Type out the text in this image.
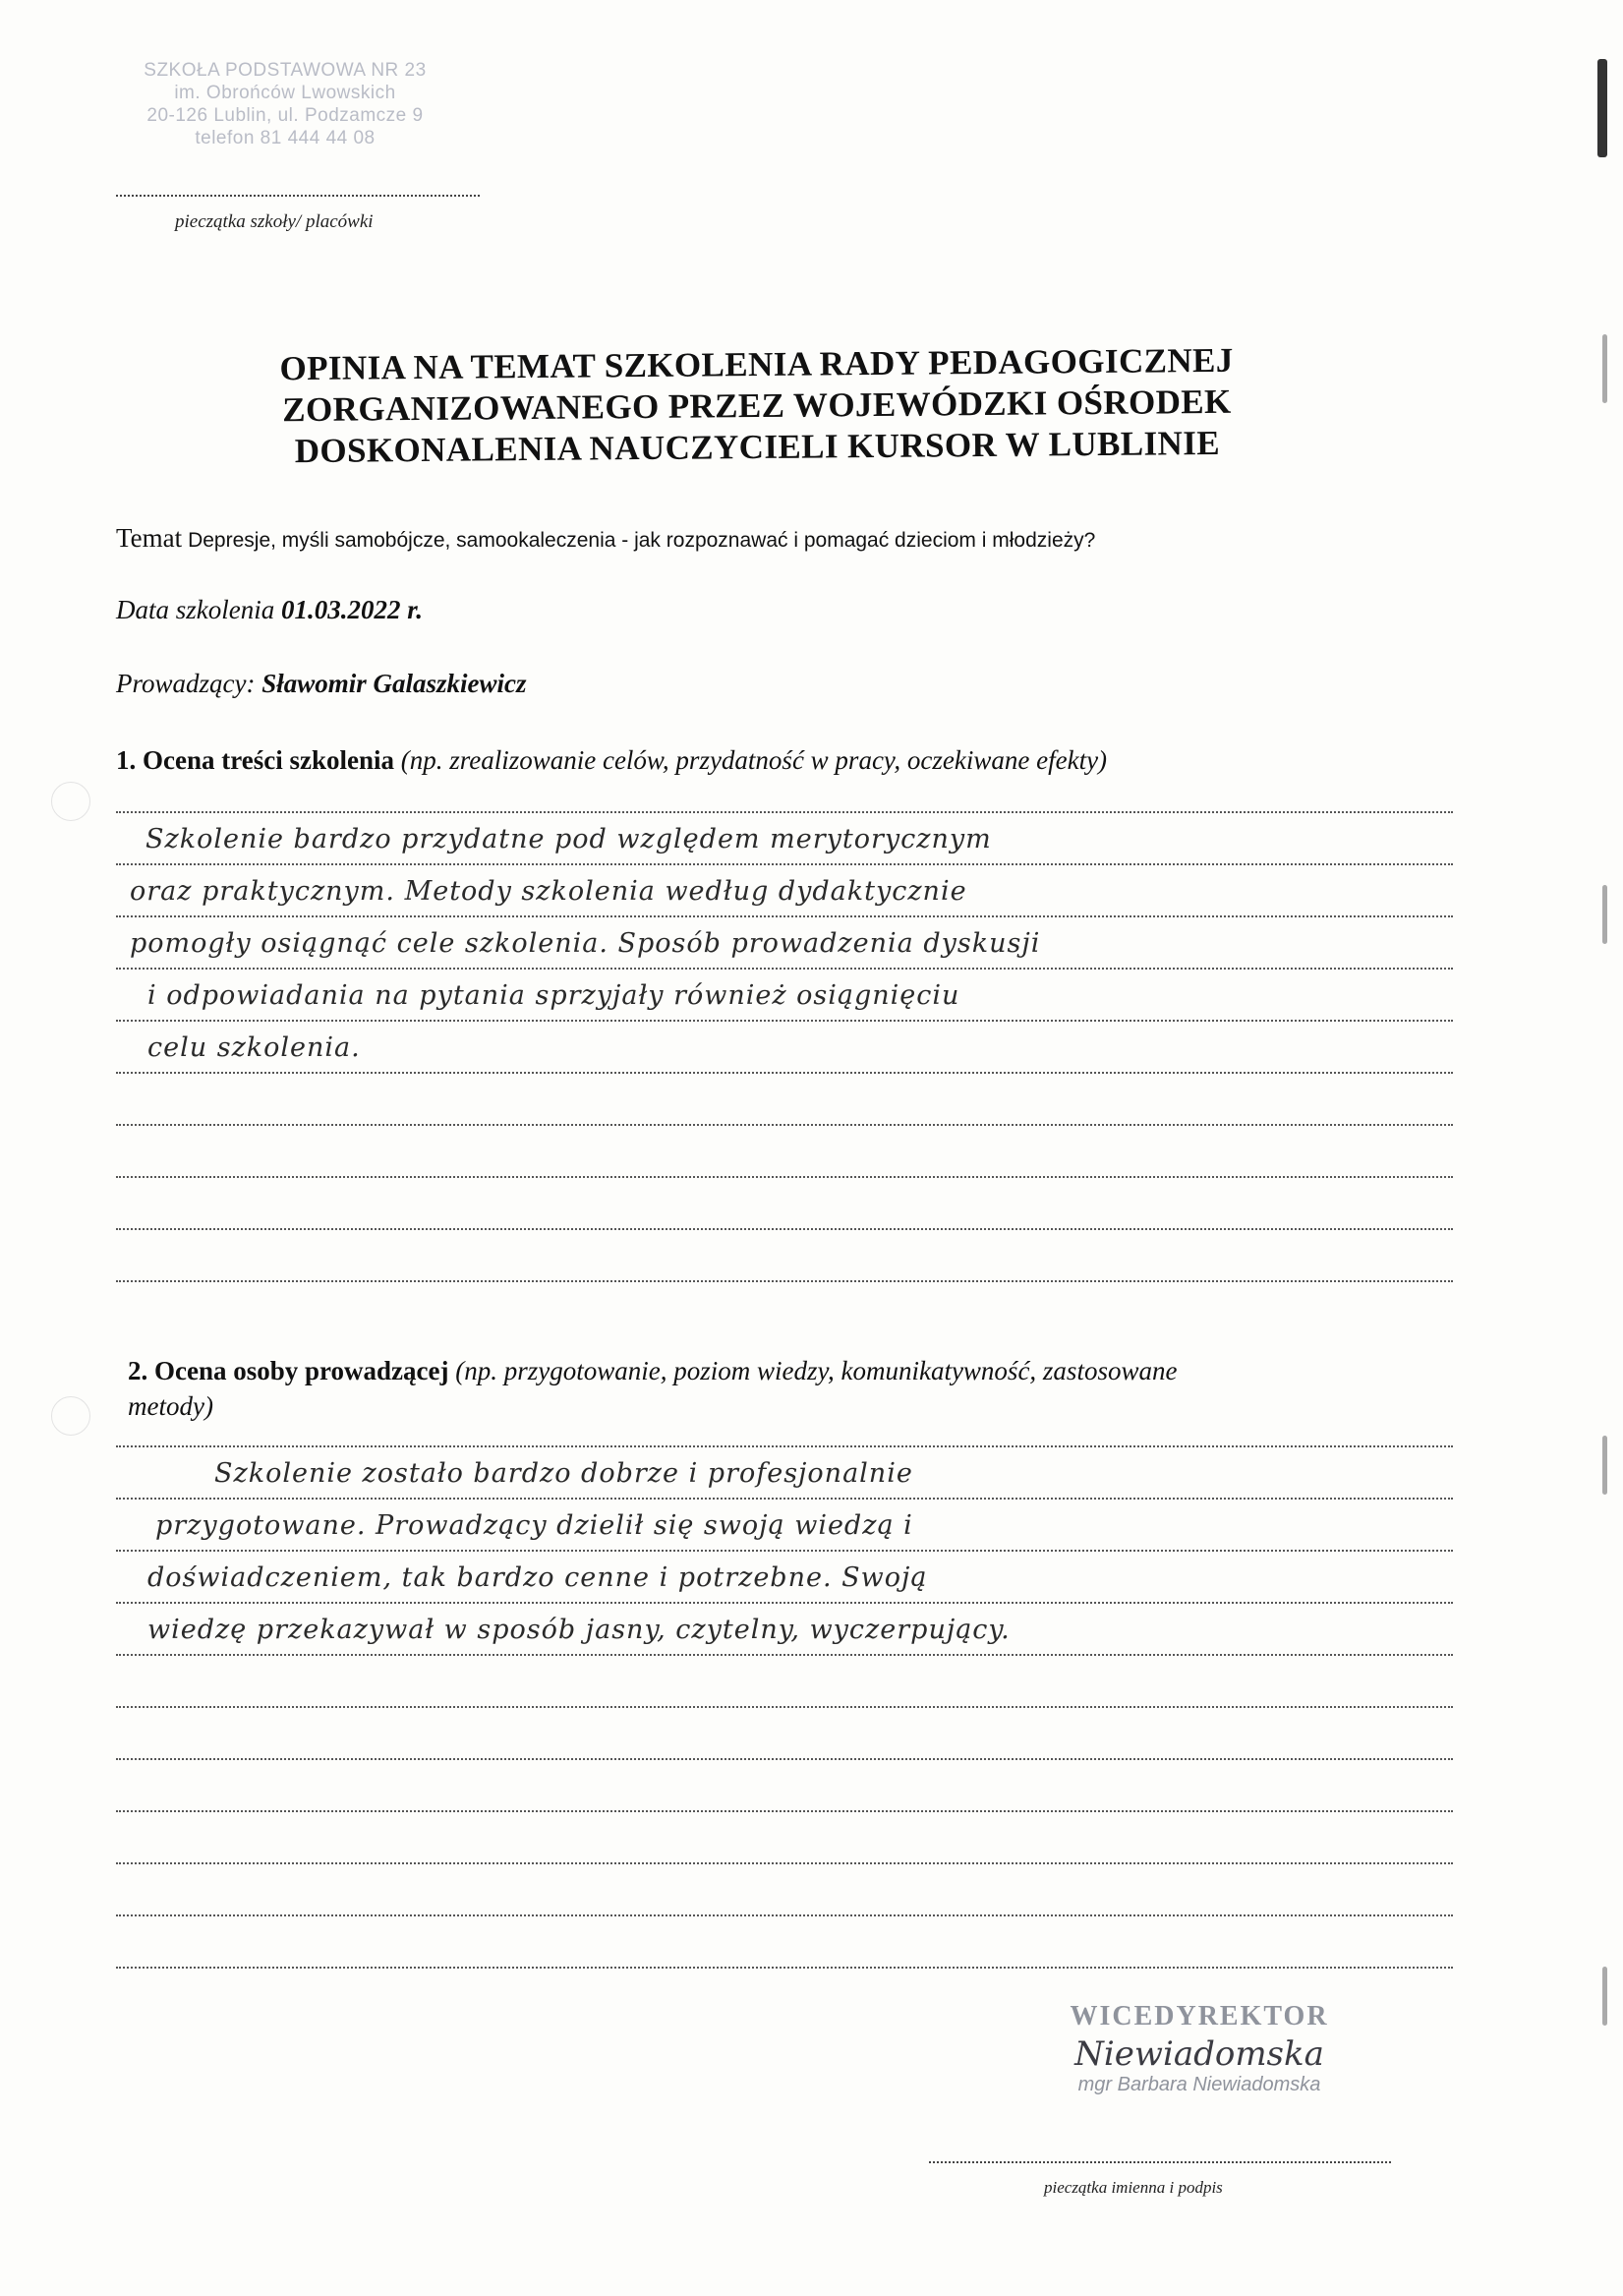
SZKOŁA PODSTAWOWA NR 23
im. Obrońców Lwowskich
20-126 Lublin, ul. Podzamcze 9
telefon 81 444 44 08
pieczątka szkoły/ placówki
OPINIA NA TEMAT SZKOLENIA RADY PEDAGOGICZNEJ
ZORGANIZOWANEGO PRZEZ WOJEWÓDZKI OŚRODEK
DOSKONALENIA NAUCZYCIELI KURSOR W LUBLINIE
Temat Depresje, myśli samobójcze, samookaleczenia - jak rozpoznawać i pomagać dzieciom i młodzieży?
Data szkolenia 01.03.2022 r.
Prowadzący: Sławomir Galaszkiewicz
1. Ocena treści szkolenia (np. zrealizowanie celów, przydatność w pracy, oczekiwane efekty)
Szkolenie bardzo przydatne pod względem merytorycznym
oraz praktycznym. Metody szkolenia według dydaktycznie
pomogły osiągnąć cele szkolenia. Sposób prowadzenia dyskusji
i odpowiadania na pytania sprzyjały również osiągnięciu
celu szkolenia.
2. Ocena osoby prowadzącej (np. przygotowanie, poziom wiedzy, komunikatywność, zastosowane
metody)
Szkolenie zostało bardzo dobrze i profesjonalnie
przygotowane. Prowadzący dzielił się swoją wiedzą i
doświadczeniem, tak bardzo cenne i potrzebne. Swoją
wiedzę przekazywał w sposób jasny, czytelny, wyczerpujący.
WICEDYREKTOR
Niewiadomska
mgr Barbara Niewiadomska
pieczątka imienna i podpis
